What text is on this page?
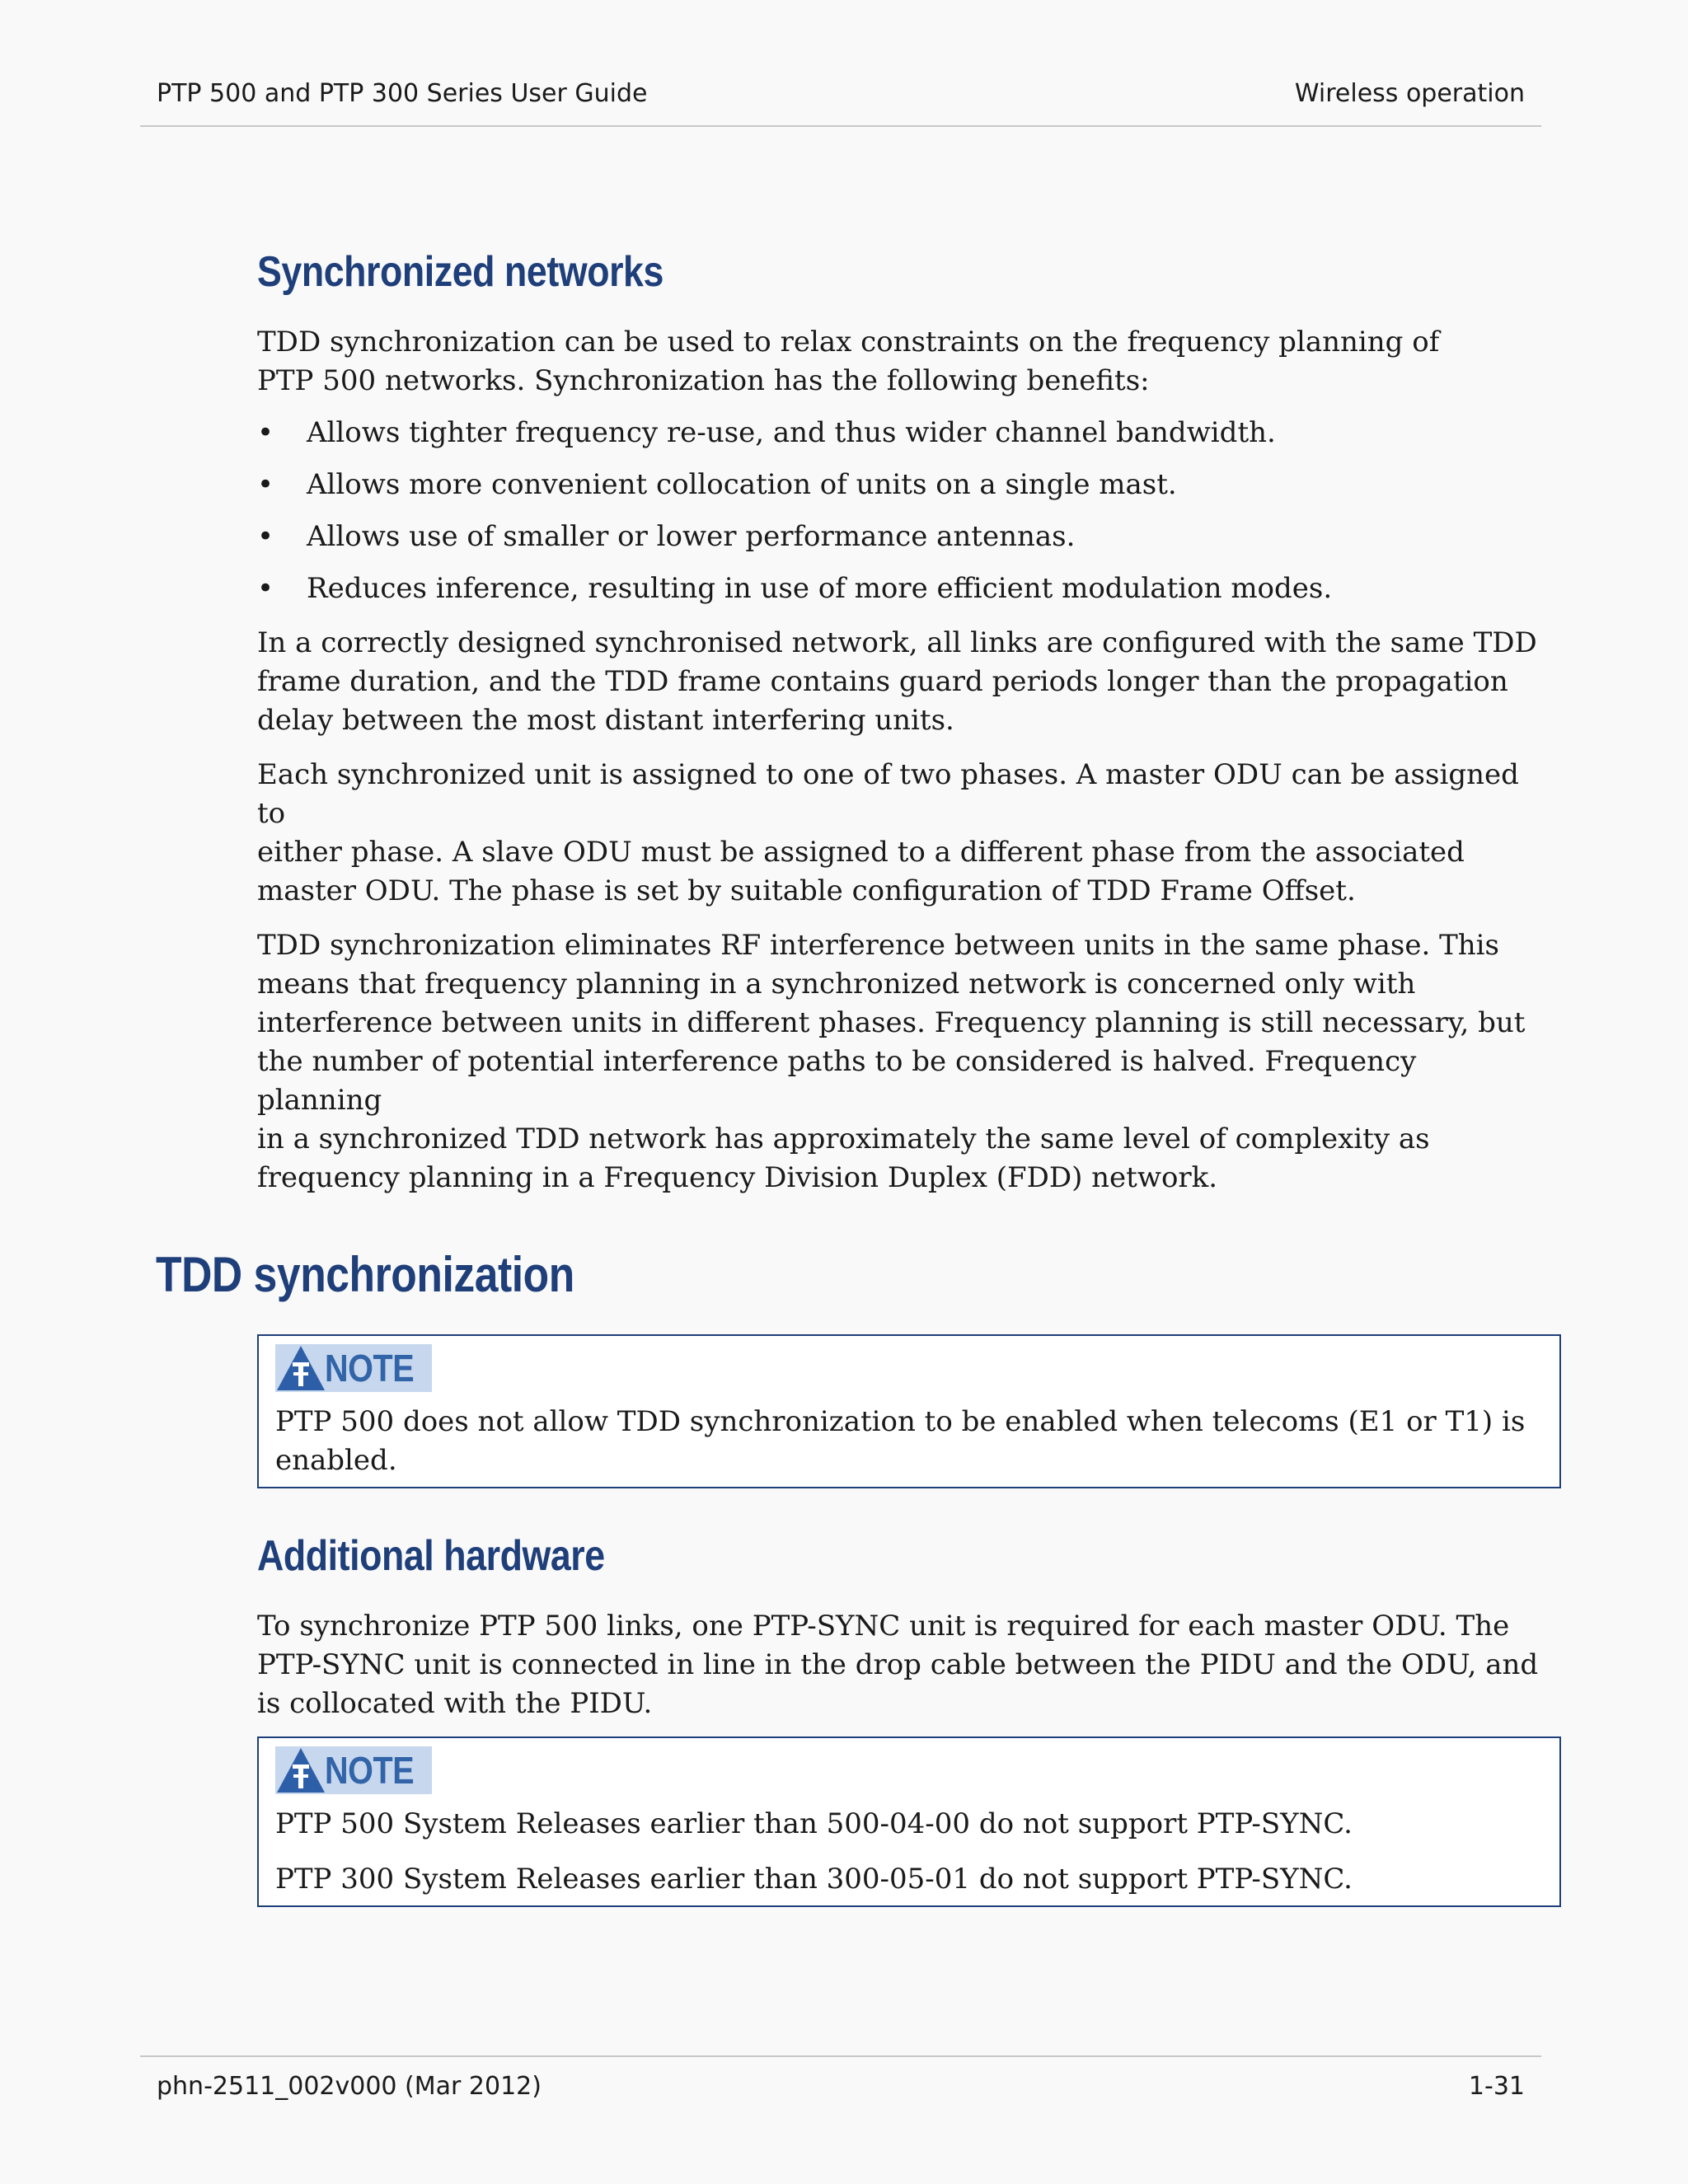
PTP 500 and PTP 300 Series User Guide	Wireless operation
Synchronized networks

TDD synchronization can be used to relax constraints on the frequency planning of
PTP 500 networks. Synchronization has the following benefits:

• Allows tighter frequency re-use, and thus wider channel bandwidth.
• Allows more convenient collocation of units on a single mast.
• Allows use of smaller or lower performance antennas.
• Reduces inference, resulting in use of more efficient modulation modes.

In a correctly designed synchronised network, all links are configured with the same TDD
frame duration, and the TDD frame contains guard periods longer than the propagation
delay between the most distant interfering units.

Each synchronized unit is assigned to one of two phases. A master ODU can be assigned to
either phase. A slave ODU must be assigned to a different phase from the associated
master ODU. The phase is set by suitable configuration of TDD Frame Offset.

TDD synchronization eliminates RF interference between units in the same phase. This
means that frequency planning in a synchronized network is concerned only with
interference between units in different phases. Frequency planning is still necessary, but
the number of potential interference paths to be considered is halved. Frequency planning
in a synchronized TDD network has approximately the same level of complexity as
frequency planning in a Frequency Division Duplex (FDD) network.

TDD synchronization
NOTE

PTP 500 does not allow TDD synchronization to be enabled when telecoms (E1 or T1) is
enabled.

Additional hardware

To synchronize PTP 500 links, one PTP-SYNC unit is required for each master ODU. The
PTP-SYNC unit is connected in line in the drop cable between the PIDU and the ODU, and
is collocated with the PIDU.

NOTE

PTP 500 System Releases earlier than 500-04-00 do not support PTP-SYNC.

PTP 300 System Releases earlier than 300-05-01 do not support PTP-SYNC.

phn-2511_002v000 (Mar 2012)	1-31
